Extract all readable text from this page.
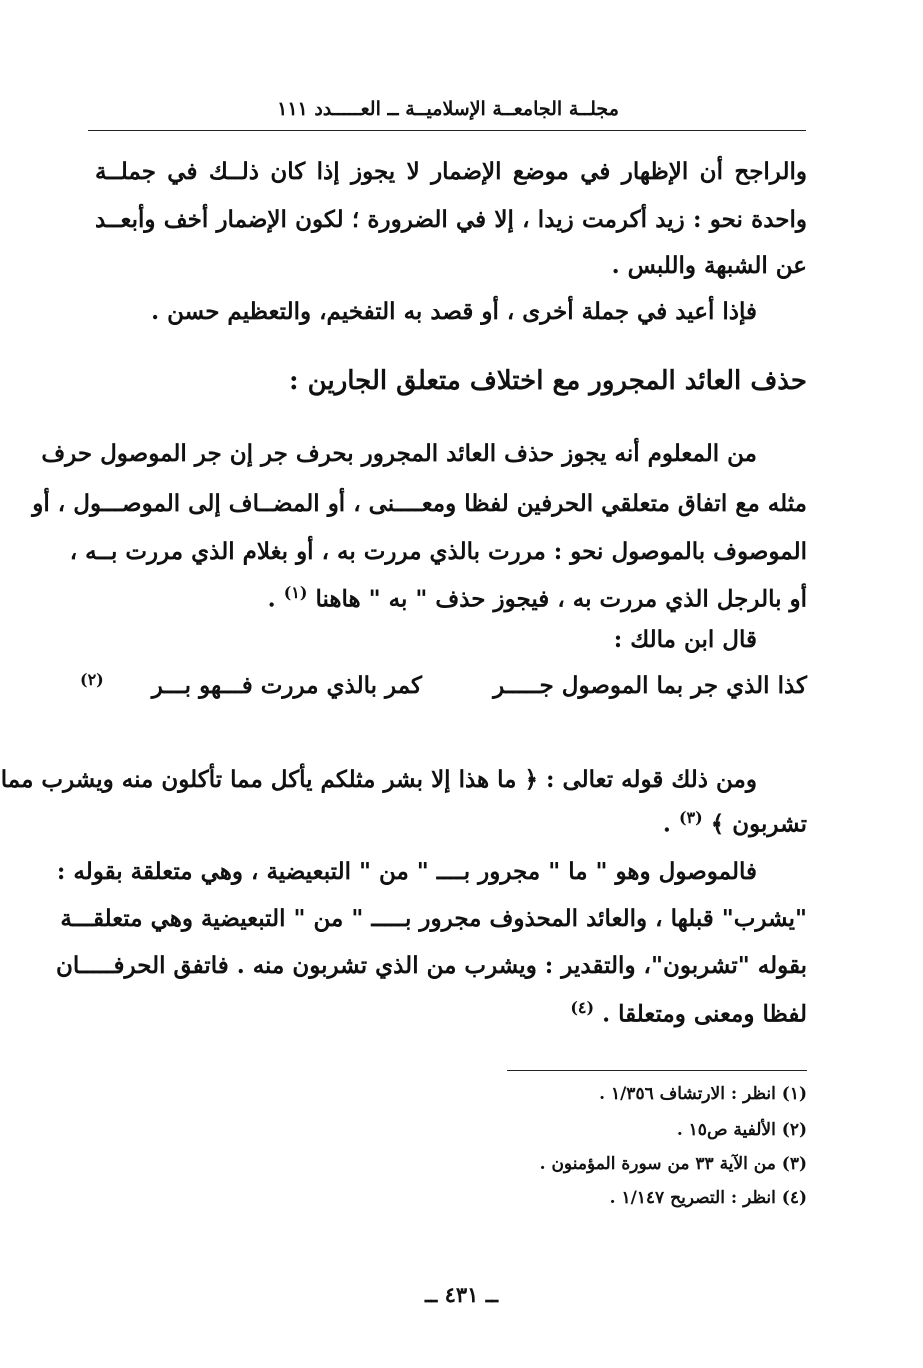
مجلــة الجامعــة الإسلاميــة ــ العـــــدد ١١١
والراجح أن الإظهار في موضع الإضمار لا يجوز إذا كان ذلــك في جملــة
واحدة نحو : زيد أكرمت زيدا ، إلا في الضرورة ؛ لكون الإضمار أخف وأبعــد
عن الشبهة واللبس .
فإذا أعيد في جملة أخرى ، أو قصد به التفخيم، والتعظيم حسن .
حذف العائد المجرور مع اختلاف متعلق الجارين :
من المعلوم أنه يجوز حذف العائد المجرور بحرف جر إن جر الموصول حرف
مثله مع اتفاق متعلقي الحرفين لفظا ومعــــنى ، أو المضــاف إلى الموصـــول ، أو
الموصوف بالموصول نحو : مررت بالذي مررت به ، أو بغلام الذي مررت بــه ،
أو بالرجل الذي مررت به ، فيجوز حذف " به " هاهنا $^{(١)}$ .
قال ابن مالك :
كذا الذي جر بما الموصول جـــــر
كمر بالذي مررت فـــهو بـــر
(٢)
ومن ذلك قوله تعالى : ﴿ ما هذا إلا بشر مثلكم يأكل مما تأكلون منه ويشرب مما
تشربون ﴾ $^{(٣)}$ .
فالموصول وهو " ما " مجرور بــــ " من " التبعيضية ، وهي متعلقة بقوله :
"يشرب" قبلها ، والعائد المحذوف مجرور بـــــ " من " التبعيضية وهي متعلقـــة
بقوله "تشربون"، والتقدير : ويشرب من الذي تشربون منه . فاتفق الحرفـــــان
لفظا ومعنى ومتعلقا . $^{(٤)}$
(١) انظر : الارتشاف ١/٣٥٦ .
(٢) الألفية ص١٥ .
(٣) من الآية ٣٣ من سورة المؤمنون .
(٤) انظر : التصريح ١/١٤٧ .
ــ ٤٣١ ــ
